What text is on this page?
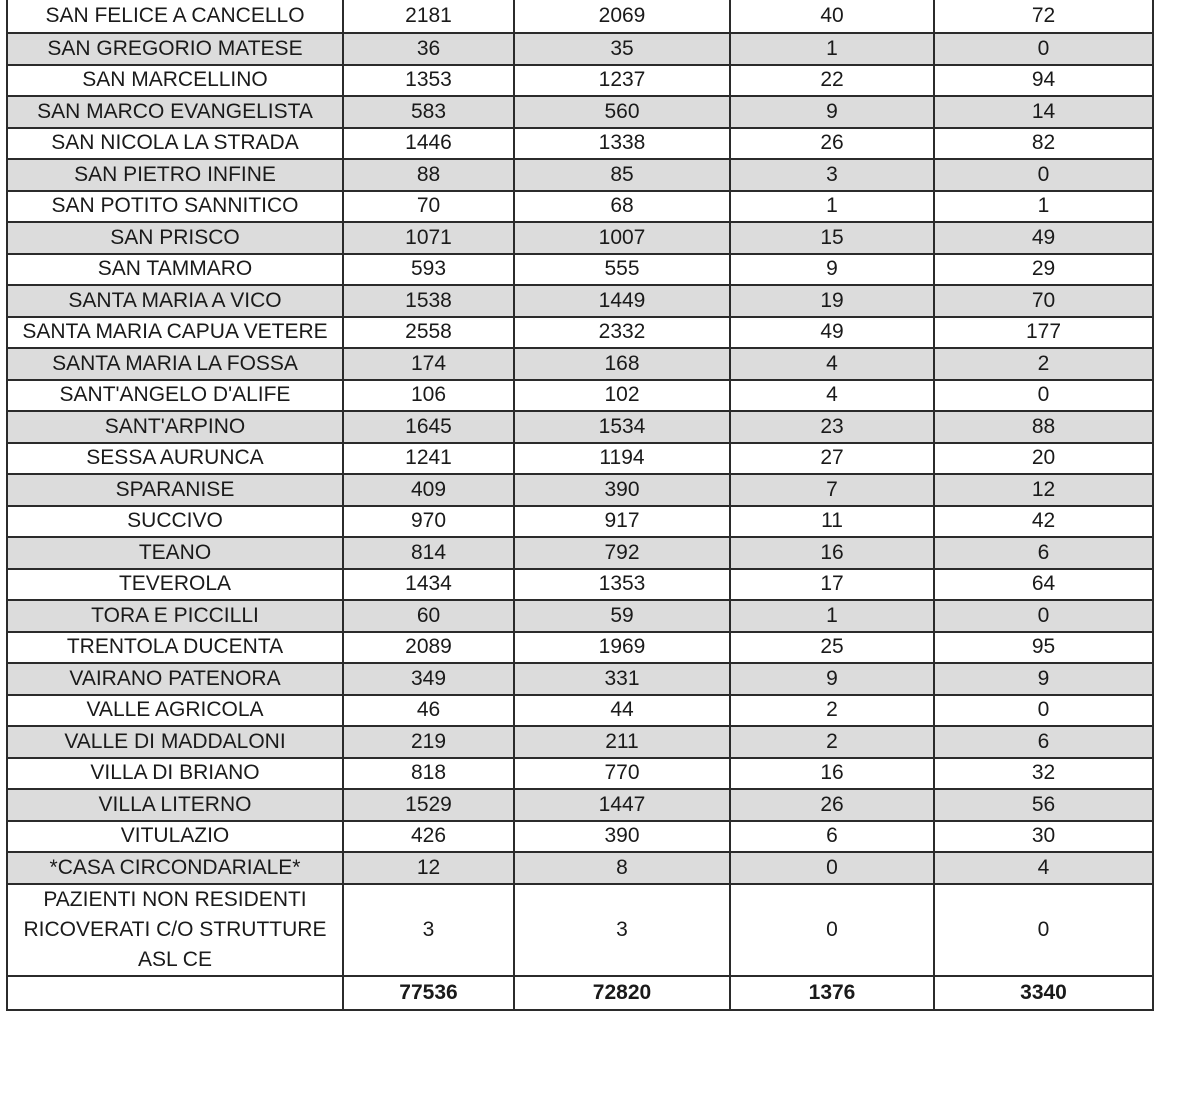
SAN FELICE A CANCELLO	2181	2069	40	72
SAN GREGORIO MATESE	36	35	1	0
SAN MARCELLINO	1353	1237	22	94
SAN MARCO EVANGELISTA	583	560	9	14
SAN NICOLA LA STRADA	1446	1338	26	82
SAN PIETRO INFINE	88	85	3	0
SAN POTITO SANNITICO	70	68	1	1
SAN PRISCO	1071	1007	15	49
SAN TAMMARO	593	555	9	29
SANTA MARIA A VICO	1538	1449	19	70
SANTA MARIA CAPUA VETERE	2558	2332	49	177
SANTA MARIA LA FOSSA	174	168	4	2
SANT'ANGELO D'ALIFE	106	102	4	0
SANT'ARPINO	1645	1534	23	88
SESSA AURUNCA	1241	1194	27	20
SPARANISE	409	390	7	12
SUCCIVO	970	917	11	42
TEANO	814	792	16	6
TEVEROLA	1434	1353	17	64
TORA E PICCILLI	60	59	1	0
TRENTOLA DUCENTA	2089	1969	25	95
VAIRANO PATENORA	349	331	9	9
VALLE AGRICOLA	46	44	2	0
VALLE DI MADDALONI	219	211	2	6
VILLA DI BRIANO	818	770	16	32
VILLA LITERNO	1529	1447	26	56
VITULAZIO	426	390	6	30
*CASA CIRCONDARIALE*	12	8	0	4
PAZIENTI NON RESIDENTI RICOVERATI C/O STRUTTURE ASL CE	3	3	0	0
	77536	72820	1376	3340
